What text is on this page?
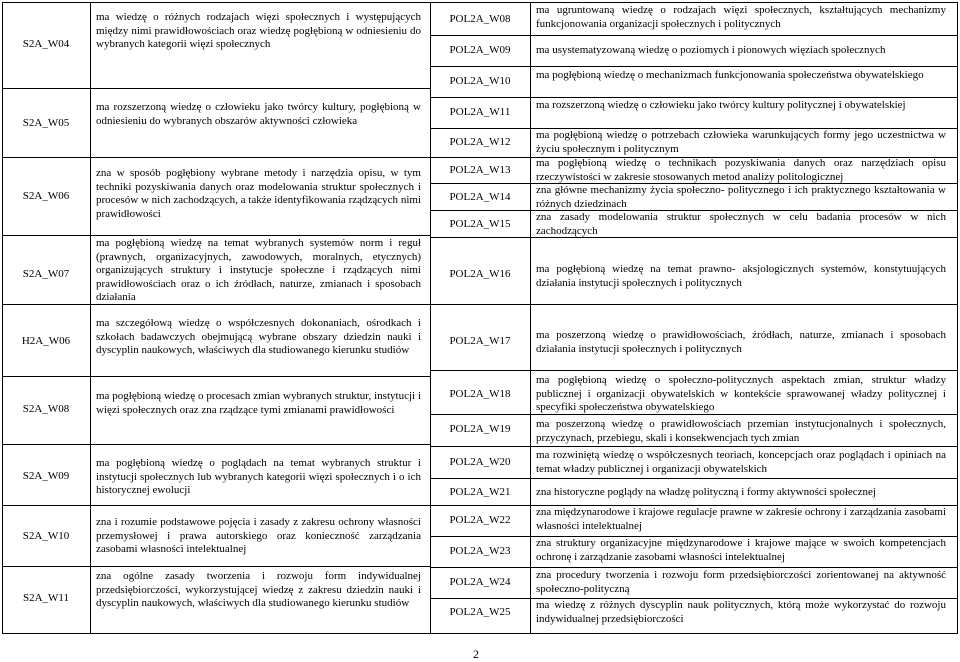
S2A_W04
S2A_W05
S2A_W06
S2A_W07
H2A_W06
S2A_W08
S2A_W09
S2A_W10
S2A_W11
ma wiedzę o różnych rodzajach więzi społecznych i występujących między nimi prawidłowościach oraz wiedzę pogłębioną w odniesieniu do wybranych kategorii więzi społecznych
ma rozszerzoną wiedzę o człowieku jako twórcy kultury, pogłębioną w odniesieniu do wybranych obszarów aktywności człowieka
zna w sposób pogłębiony wybrane metody i narzędzia opisu, w tym techniki pozyskiwania danych oraz modelowania struktur społecznych i procesów w nich zachodzących, a także identyfikowania rządzących nimi prawidłowości
ma pogłębioną wiedzę na temat wybranych systemów norm i reguł (prawnych, organizacyjnych, zawodowych, moralnych, etycznych) organizujących struktury i instytucje społeczne i rządzących nimi prawidłowościach oraz o ich źródłach, naturze, zmianach i sposobach działania
ma szczegółową wiedzę o współczesnych dokonaniach, ośrodkach i szkołach badawczych obejmującą wybrane obszary dziedzin nauki i dyscyplin naukowych, właściwych dla studiowanego kierunku studiów
ma pogłębioną wiedzę o procesach zmian wybranych struktur, instytucji i więzi społecznych oraz zna rządzące tymi zmianami prawidłowości
ma pogłębioną wiedzę o poglądach na temat wybranych struktur i instytucji społecznych lub wybranych kategorii więzi społecznych i o ich historycznej ewolucji
zna i rozumie podstawowe pojęcia i zasady z zakresu ochrony własności przemysłowej i prawa autorskiego oraz konieczność zarządzania zasobami własności intelektualnej
zna ogólne zasady tworzenia i rozwoju form indywidualnej przedsiębiorczości, wykorzystującej wiedzę z zakresu dziedzin nauki i dyscyplin naukowych, właściwych dla studiowanego kierunku studiów
POL2A_W08
POL2A_W09
POL2A_W10
POL2A_W11
POL2A_W12
POL2A_W13
POL2A_W14
POL2A_W15
POL2A_W16
POL2A_W17
POL2A_W18
POL2A_W19
POL2A_W20
POL2A_W21
POL2A_W22
POL2A_W23
POL2A_W24
POL2A_W25
ma ugruntowaną wiedzę o rodzajach więzi społecznych, kształtujących mechanizmy funkcjonowania organizacji społecznych i politycznych
ma usystematyzowaną wiedzę o poziomych i pionowych więziach społecznych
ma pogłębioną wiedzę o mechanizmach funkcjonowania społeczeństwa obywatelskiego
ma rozszerzoną wiedzę o człowieku jako twórcy kultury politycznej i obywatelskiej
ma pogłębioną wiedzę o potrzebach człowieka warunkujących formy jego uczestnictwa w życiu społecznym i politycznym
ma pogłębioną wiedzę o technikach pozyskiwania danych oraz narzędziach opisu rzeczywistości w zakresie stosowanych metod analizy politologicznej
zna główne mechanizmy życia społeczno- politycznego i ich praktycznego kształtowania w różnych dziedzinach
zna zasady modelowania struktur społecznych w celu badania procesów w nich zachodzących
ma pogłębioną wiedzę na temat prawno- aksjologicznych systemów, konstytuujących działania instytucji społecznych i politycznych
ma poszerzoną wiedzę o prawidłowościach, źródłach, naturze, zmianach i sposobach działania instytucji społecznych i politycznych
ma pogłębioną wiedzę o społeczno-politycznych aspektach zmian, struktur władzy publicznej i organizacji obywatelskich w kontekście sprawowanej władzy politycznej i specyfiki społeczeństwa obywatelskiego
ma poszerzoną wiedzę o prawidłowościach przemian instytucjonalnych i społecznych, przyczynach, przebiegu, skali i konsekwencjach tych zmian
ma rozwiniętą wiedzę o współczesnych teoriach, koncepcjach oraz poglądach i opiniach na temat władzy publicznej i organizacji obywatelskich
zna historyczne poglądy na władzę polityczną i formy aktywności społecznej
zna międzynarodowe i krajowe regulacje prawne w zakresie ochrony i zarządzania zasobami własności intelektualnej
zna struktury organizacyjne międzynarodowe i krajowe mające w swoich kompetencjach ochronę i zarządzanie zasobami własności intelektualnej
zna procedury tworzenia i rozwoju form przedsiębiorczości zorientowanej na aktywność społeczno-polityczną
ma wiedzę z różnych dyscyplin nauk politycznych, którą może wykorzystać do rozwoju indywidualnej przedsiębiorczości
2
